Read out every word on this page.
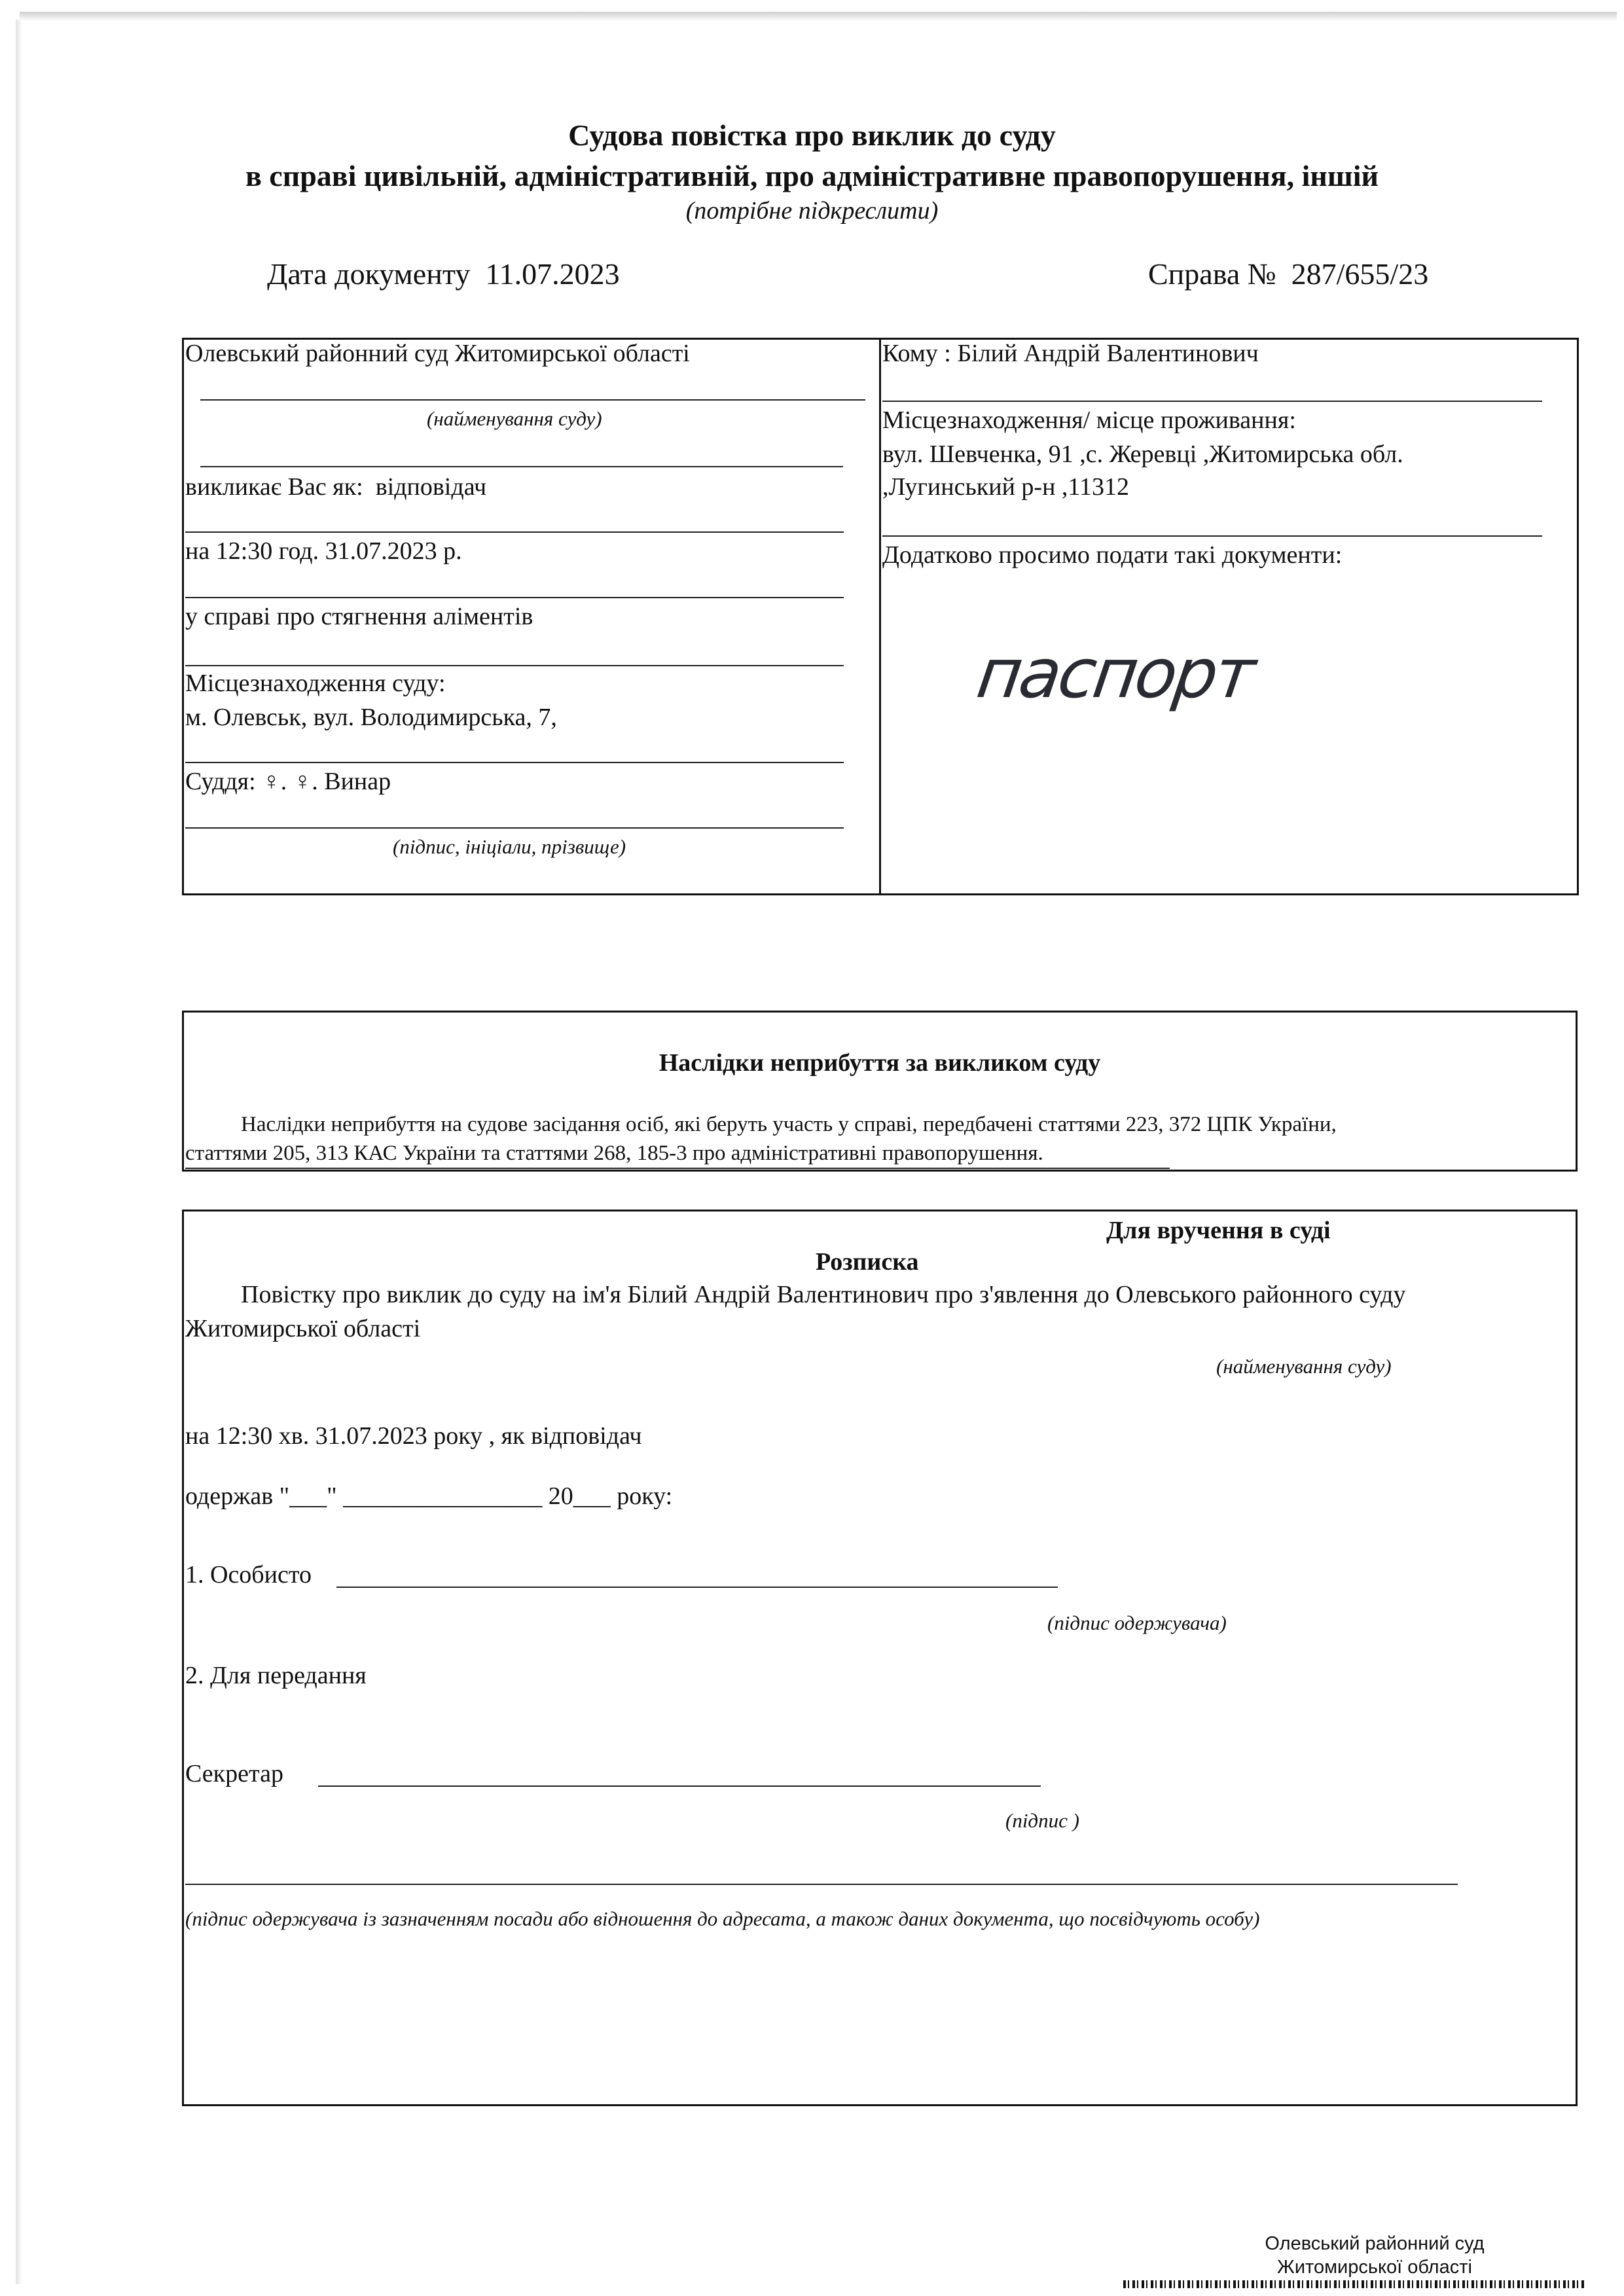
Судова повістка про виклик до суду
в справі цивільній, адміністративній, про адміністративне правопорушення, іншій
(потрібне підкреслити)
Дата документу 11.07.2023	Справа № 287/655/23
Олевський районний суд Житомирської області
(найменування суду)
викликає Вас як: відповідач
на 12:30 год. 31.07.2023 р.
у справі про стягнення аліментів
Місцезнаходження суду:
м. Олевськ, вул. Володимирська, 7,
Суддя: ♀. ♀. Винар
(підпис, ініціали, прізвище)
Кому : Білий Андрій Валентинович
Місцезнаходження/ місце проживання:
вул. Шевченка, 91 ,с. Жеревці ,Житомирська обл.
,Лугинський р-н ,11312
Додатково просимо подати такі документи:
паспорт
Наслідки неприбуття за викликом суду
Наслідки неприбуття на судове засідання осіб, які беруть участь у справі, передбачені статтями 223, 372 ЦПК України,
статтями 205, 313 КАС України та статтями 268, 185-3 про адміністративні правопорушення.
Для вручення в суді
Розписка
Повістку про виклик до суду на ім'я Білий Андрій Валентинович про з'явлення до Олевського районного суду
Житомирської області
(найменування суду)
на 12:30 хв. 31.07.2023 року , як відповідач
одержав "___" ________________ 20___ року:
1. Особисто
(підпис одержувача)
2. Для передання
Секретар
(підпис )
(підпис одержувача із зазначенням посади або відношення до адресата, а також даних документа, що посвідчують особу)
Олевський районний суд
Житомирської області
